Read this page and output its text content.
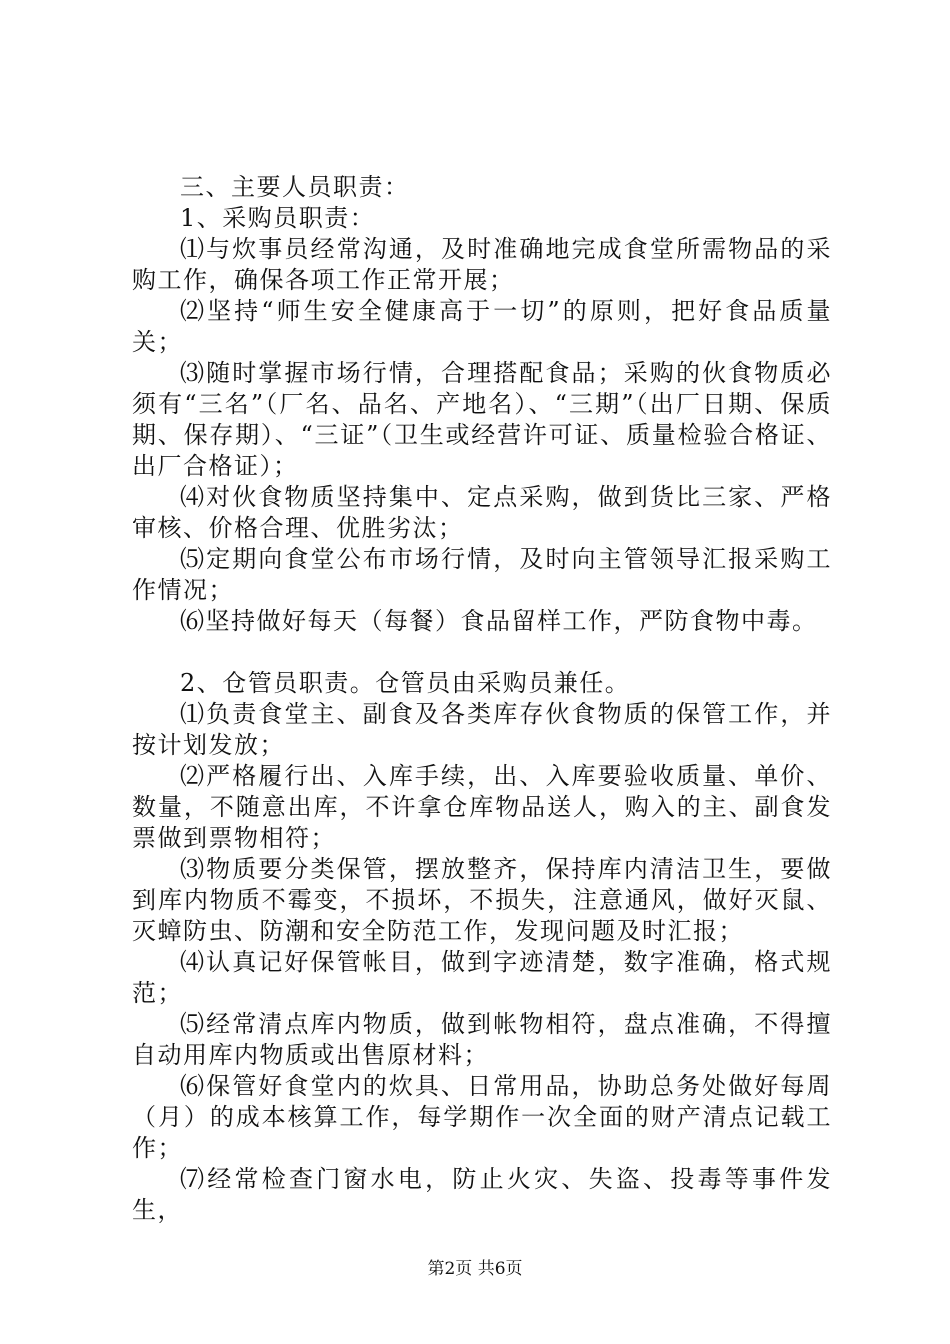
三、主要人员职责：

1、采购员职责：

⑴与炊事员经常沟通，及时准确地完成食堂所需物品的采购工作，确保各项工作正常开展；

⑵坚持“师生安全健康高于一切”的原则，把好食品质量关；

⑶随时掌握市场行情，合理搭配食品；采购的伙食物质必须有“三名”（厂名、品名、产地名）、“三期”（出厂日期、保质期、保存期）、“三证”（卫生或经营许可证、质量检验合格证、出厂合格证）；

⑷对伙食物质坚持集中、定点采购，做到货比三家、严格审核、价格合理、优胜劣汰；

⑸定期向食堂公布市场行情，及时向主管领导汇报采购工作情况；

⑹坚持做好每天（每餐）食品留样工作，严防食物中毒。

2、仓管员职责。仓管员由采购员兼任。

⑴负责食堂主、副食及各类库存伙食物质的保管工作，并按计划发放；

⑵严格履行出、入库手续，出、入库要验收质量、单价、数量，不随意出库，不许拿仓库物品送人，购入的主、副食发票做到票物相符；

⑶物质要分类保管，摆放整齐，保持库内清洁卫生，要做到库内物质不霉变，不损坏，不损失，注意通风，做好灭鼠、灭蟑防虫、防潮和安全防范工作，发现问题及时汇报；

⑷认真记好保管帐目，做到字迹清楚，数字准确，格式规范；

⑸经常清点库内物质，做到帐物相符，盘点准确，不得擅自动用库内物质或出售原材料；

⑹保管好食堂内的炊具、日常用品，协助总务处做好每周（月）的成本核算工作，每学期作一次全面的财产清点记载工作；

⑺经常检查门窗水电，防止火灾、失盗、投毒等事件发生，

第2页 共6页
